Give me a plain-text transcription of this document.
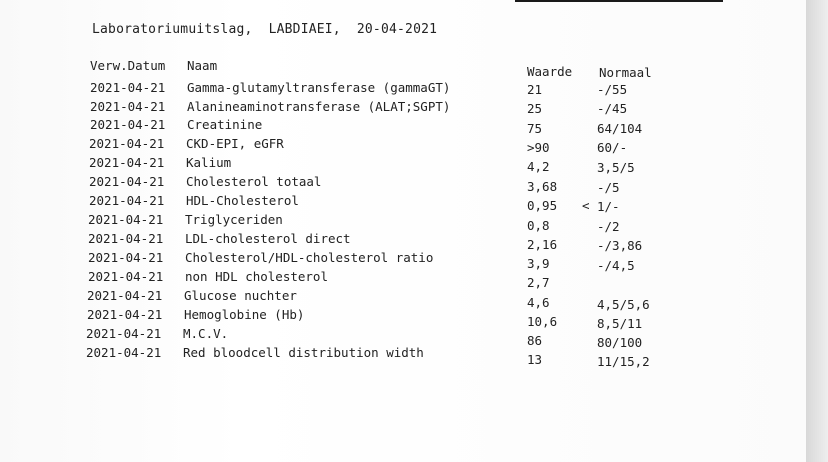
Laboratoriumuitslag,  LABDIAEI,  20-04-2021
Verw.Datum Naam	Waarde Normaal
2021-04-21 Gamma-glutamyltransferase (gammaGT)	21	-/55
2021-04-21 Alanineaminotransferase (ALAT;SGPT)	25	-/45
2021-04-21 Creatinine	75	64/104
2021-04-21 CKD-EPI, eGFR	>90	60/-
2021-04-21 Kalium	4,2	3,5/5
2021-04-21 Cholesterol totaal	3,68	-/5
2021-04-21 HDL-Cholesterol	0,95 < 1/-
2021-04-21 Triglyceriden	0,8	-/2
2021-04-21 LDL-cholesterol direct	2,16	-/3,86
2021-04-21 Cholesterol/HDL-cholesterol ratio	3,9	-/4,5
2021-04-21 non HDL cholesterol	2,7
2021-04-21 Glucose nuchter	4,6	4,5/5,6
2021-04-21 Hemoglobine (Hb)	10,6	8,5/11
2021-04-21 M.C.V.	86	80/100
2021-04-21 Red bloodcell distribution width	13	11/15,2
